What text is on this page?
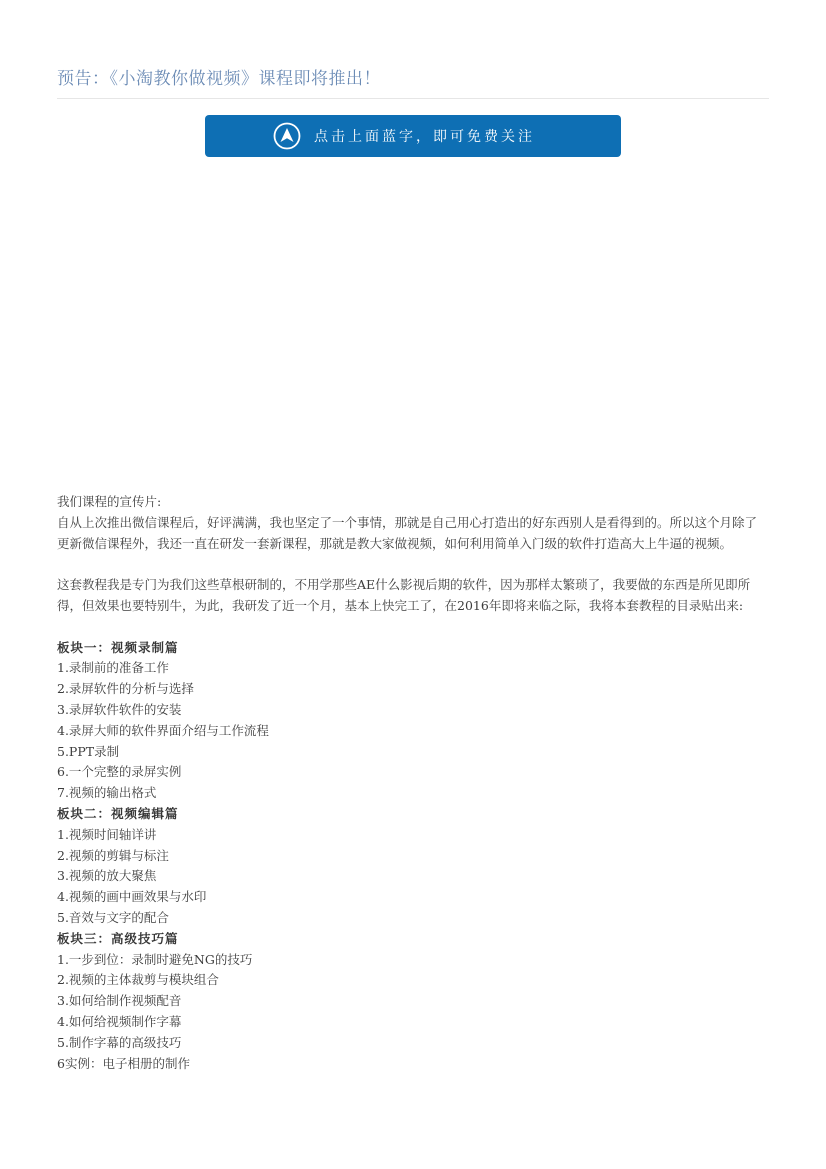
预告：《小淘教你做视频》课程即将推出！
点击上面蓝字，即可免费关注

我们课程的宣传片:

自从上次推出微信课程后，好评满满，我也坚定了一个事情，那就是自己用心打造出的好东西别人是看得到的。所以这个月除了更新微信课程外，我还一直在研发一套新课程，那就是教大家做视频，如何利用简单入门级的软件打造高大上牛逼的视频。

这套教程我是专门为我们这些草根研制的，不用学那些AE什么影视后期的软件，因为那样太繁琐了，我要做的东西是所见即所得，但效果也要特别牛，为此，我研发了近一个月，基本上快完工了，在2016年即将来临之际，我将本套教程的目录贴出来:

板块一：视频录制篇

1.录制前的准备工作
2.录屏软件的分析与选择
3.录屏软件软件的安装
4.录屏大师的软件界面介绍与工作流程
5.PPT录制
6.一个完整的录屏实例
7.视频的输出格式

板块二：视频编辑篇

1.视频时间轴详讲
2.视频的剪辑与标注
3.视频的放大聚焦
4.视频的画中画效果与水印
5.音效与文字的配合

板块三：高级技巧篇

1.一步到位：录制时避免NG的技巧
2.视频的主体裁剪与模块组合
3.如何给制作视频配音
4.如何给视频制作字幕
5.制作字幕的高级技巧
6实例：电子相册的制作
